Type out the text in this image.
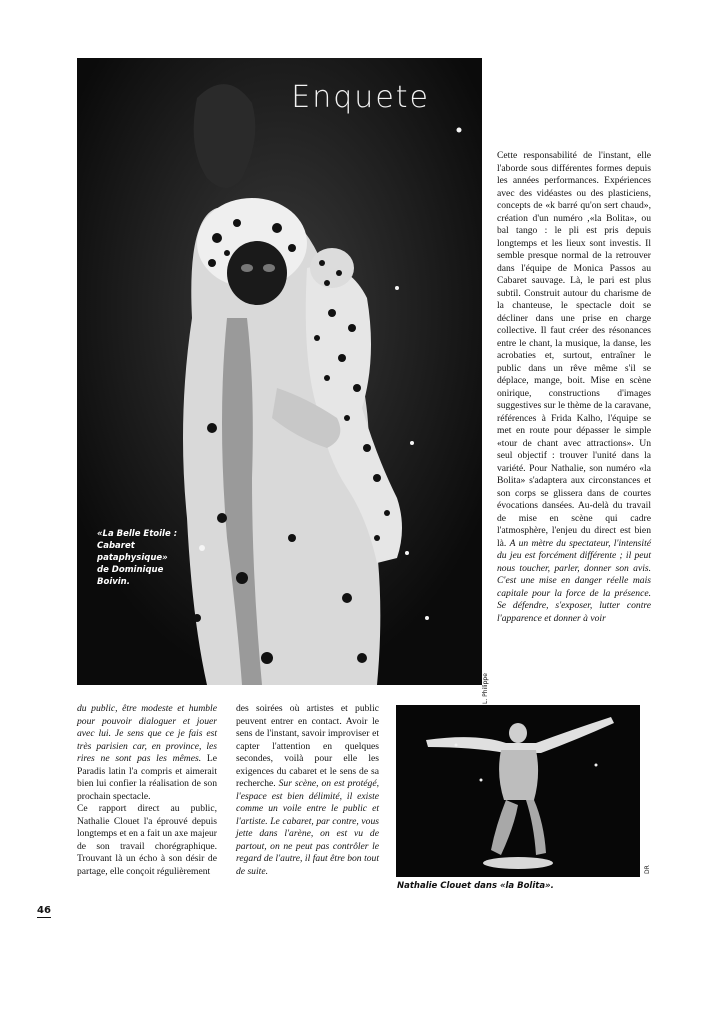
Enquete
«La Belle Etoile :
Cabaret
pataphysique»
de Dominique
Boivin.
L. Philippe

Cette responsabilité de l'instant, elle l'aborde sous différentes formes depuis les années performances. Expériences avec des vidéastes ou des plasticiens, concepts de «k barré qu'on sert chaud», création d'un numéro ,«la Bolita», ou bal tango : le pli est pris depuis longtemps et les lieux sont investis. Il semble presque normal de la retrouver dans l'équipe de Monica Passos au Cabaret sauvage. Là, le pari est plus subtil. Construit autour du charisme de la chanteuse, le spectacle doit se décliner dans une prise en charge collective. Il faut créer des résonances entre le chant, la musique, la danse, les acrobaties et, surtout, entraîner le public dans un rêve même s'il se déplace, mange, boit. Mise en scène onirique, constructions d'images suggestives sur le thème de la caravane, références à Frida Kalho, l'équipe se met en route pour dépasser le simple «tour de chant avec attractions». Un seul objectif : trouver l'unité dans la variété. Pour Nathalie, son numéro «la Bolita» s'adaptera aux circonstances et son corps se glissera dans de courtes évocations dansées. Au-delà du travail de mise en scène qui cadre l'atmosphère, l'enjeu du direct est bien là. A un mètre du spectateur, l'intensité du jeu est forcément différente ; il peut nous toucher, parler, donner son avis. C'est une mise en danger réelle mais capitale pour la force de la présence. Se défendre, s'exposer, lutter contre l'apparence et donner à voir

du public, être modeste et humble pour pouvoir dialoguer et jouer avec lui. Je sens que ce je fais est très parisien car, en province, les rires ne sont pas les mêmes. Le Paradis latin l'a compris et aimerait bien lui confier la réalisation de son prochain spectacle.

Ce rapport direct au public, Nathalie Clouet l'a éprouvé depuis longtemps et en a fait un axe majeur de son travail chorégraphique. Trouvant là un écho à son désir de partage, elle conçoit régulièrement

des soirées où artistes et public peuvent entrer en contact. Avoir le sens de l'instant, savoir improviser et capter l'attention en quelques secondes, voilà pour elle les exigences du cabaret et le sens de sa recherche. Sur scène, on est protégé, l'espace est bien délimité, il existe comme un voile entre le public et l'artiste. Le cabaret, par contre, vous jette dans l'arène, on est vu de partout, on ne peut pas contrôler le regard de l'autre, il faut être bon tout de suite.	DR
Nathalie Clouet dans «la Bolita».
46
